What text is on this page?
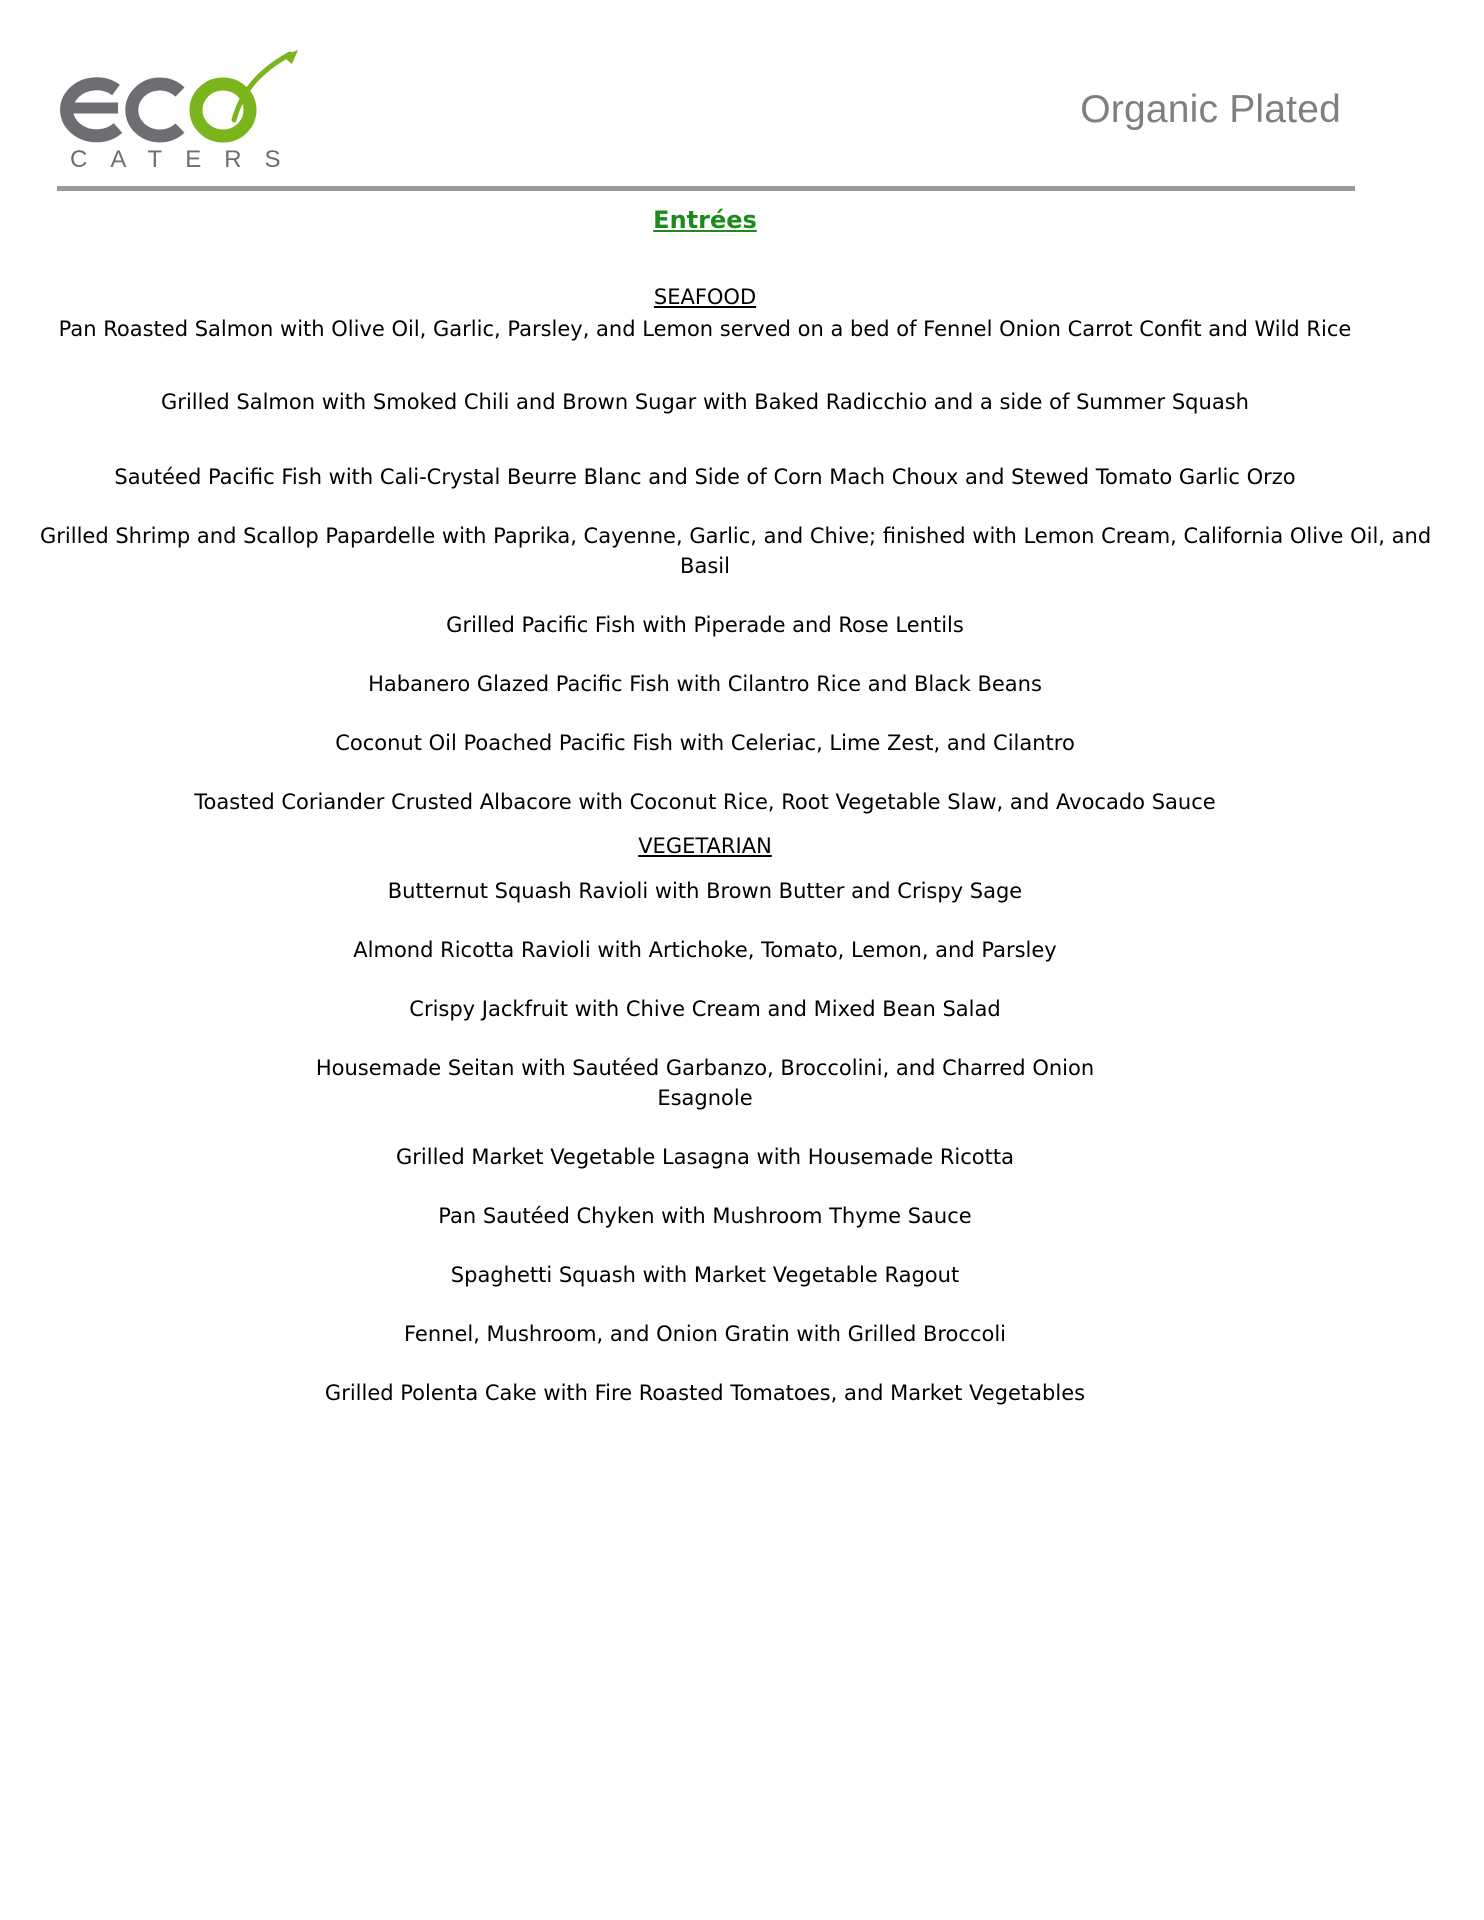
CATERS
Organic Plated
Entrées
SEAFOOD
Pan Roasted Salmon with Olive Oil, Garlic, Parsley, and Lemon served on a bed of Fennel Onion Carrot Confit and Wild Rice
Grilled Salmon with Smoked Chili and Brown Sugar with Baked Radicchio and a side of Summer Squash
Sautéed Pacific Fish with Cali-Crystal Beurre Blanc and Side of Corn Mach Choux and Stewed Tomato Garlic Orzo
Grilled Shrimp and Scallop Papardelle with Paprika, Cayenne, Garlic, and Chive; finished with Lemon Cream, California Olive Oil, and
Basil
Grilled Pacific Fish with Piperade and Rose Lentils
Habanero Glazed Pacific Fish with Cilantro Rice and Black Beans
Coconut Oil Poached Pacific Fish with Celeriac, Lime Zest, and Cilantro
Toasted Coriander Crusted Albacore with Coconut Rice, Root Vegetable Slaw, and Avocado Sauce
VEGETARIAN
Butternut Squash Ravioli with Brown Butter and Crispy Sage
Almond Ricotta Ravioli with Artichoke, Tomato, Lemon, and Parsley
Crispy Jackfruit with Chive Cream and Mixed Bean Salad
Housemade Seitan with Sautéed Garbanzo, Broccolini, and Charred Onion
Esagnole
Grilled Market Vegetable Lasagna with Housemade Ricotta
Pan Sautéed Chyken with Mushroom Thyme Sauce
Spaghetti Squash with Market Vegetable Ragout
Fennel, Mushroom, and Onion Gratin with Grilled Broccoli
Grilled Polenta Cake with Fire Roasted Tomatoes, and Market Vegetables
